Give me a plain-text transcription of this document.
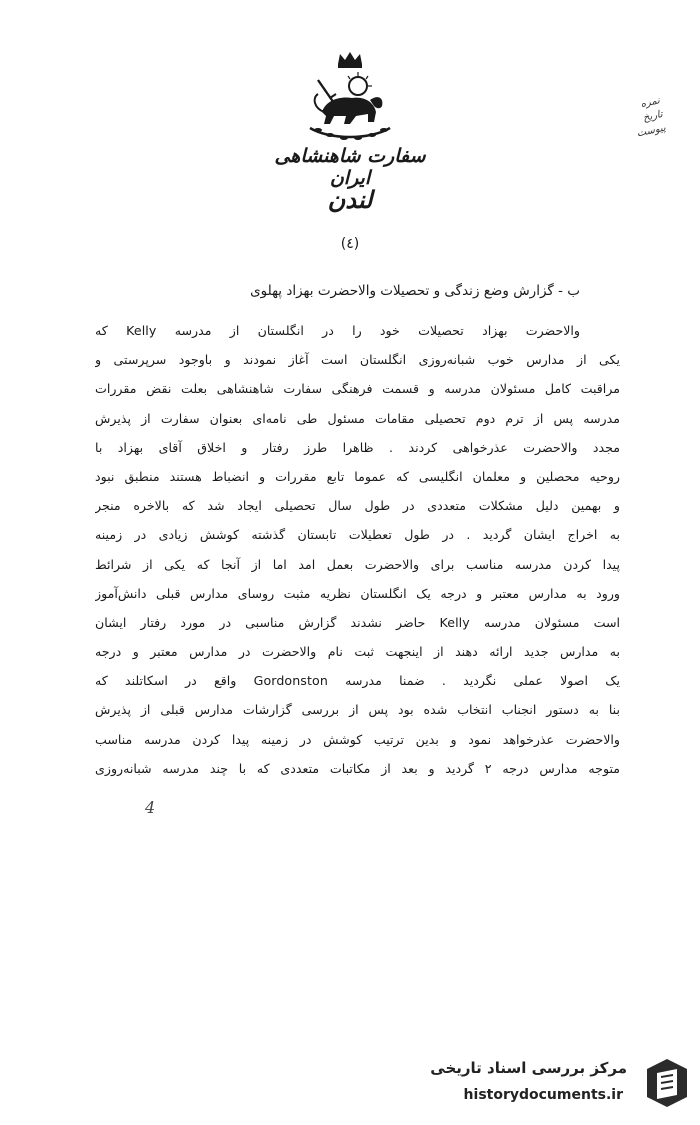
سفارت شاهنشاهی ایران
لندن
نمره
تاریخ
پیوست
(٤)
ب - گزارش وضع زندگی و تحصیلات والاحضرت بهزاد پهلوی
والاحضرت بهزاد تحصیلات خود را در انگلستان از مدرسه Kelly که
یکی از مدارس خوب شبانه‌روزی انگلستان است آغاز نمودند و باوجود سرپرستی و
مراقبت کامل مسئولان مدرسه و قسمت فرهنگی سفارت شاهنشاهی بعلت نقض مقررات
مدرسه پس از ترم دوم تحصیلی مقامات مسئول طی نامه‌ای بعنوان سفارت از پذیرش
مجدد والاحضرت عذرخواهی کردند . ظاهرا طرز رفتار و اخلاق آقای بهزاد با
روحیه محصلین و معلمان انگلیسی که عموما تابع مقررات و انضباط هستند منطبق نبود
و بهمین دلیل مشکلات متعددی در طول سال تحصیلی ایجاد شد که بالاخره منجر
به اخراج ایشان گردید . در طول تعطیلات تابستان گذشته کوشش زیادی در زمینه
پیدا کردن مدرسه مناسب برای والاحضرت بعمل امد اما از آنجا که یکی از شرائط
ورود به مدارس معتبر و درجه یک انگلستان نظریه مثبت روسای مدارس قبلی دانش‌آموز
است مسئولان مدرسه Kelly حاضر نشدند گزارش مناسبی در مورد رفتار ایشان
به مدارس جدید ارائه دهند از اینجهت ثبت نام والاحضرت در مدارس معتبر و درجه
یک اصولا عملی نگردید . ضمنا مدرسه Gordonston واقع در اسکاتلند که
بنا به دستور انجناب انتخاب شده بود پس از بررسی گزارشات مدارس قبلی از پذیرش
والاحضرت عذرخواهد نمود و بدین ترتیب کوشش در زمینه پیدا کردن مدرسه مناسب
متوجه مدارس درجه ۲ گردید و بعد از مکاتبات متعددی که با چند مدرسه شبانه‌روزی
4
مرکز بررسی اسناد تاریخی
historydocuments.ir
